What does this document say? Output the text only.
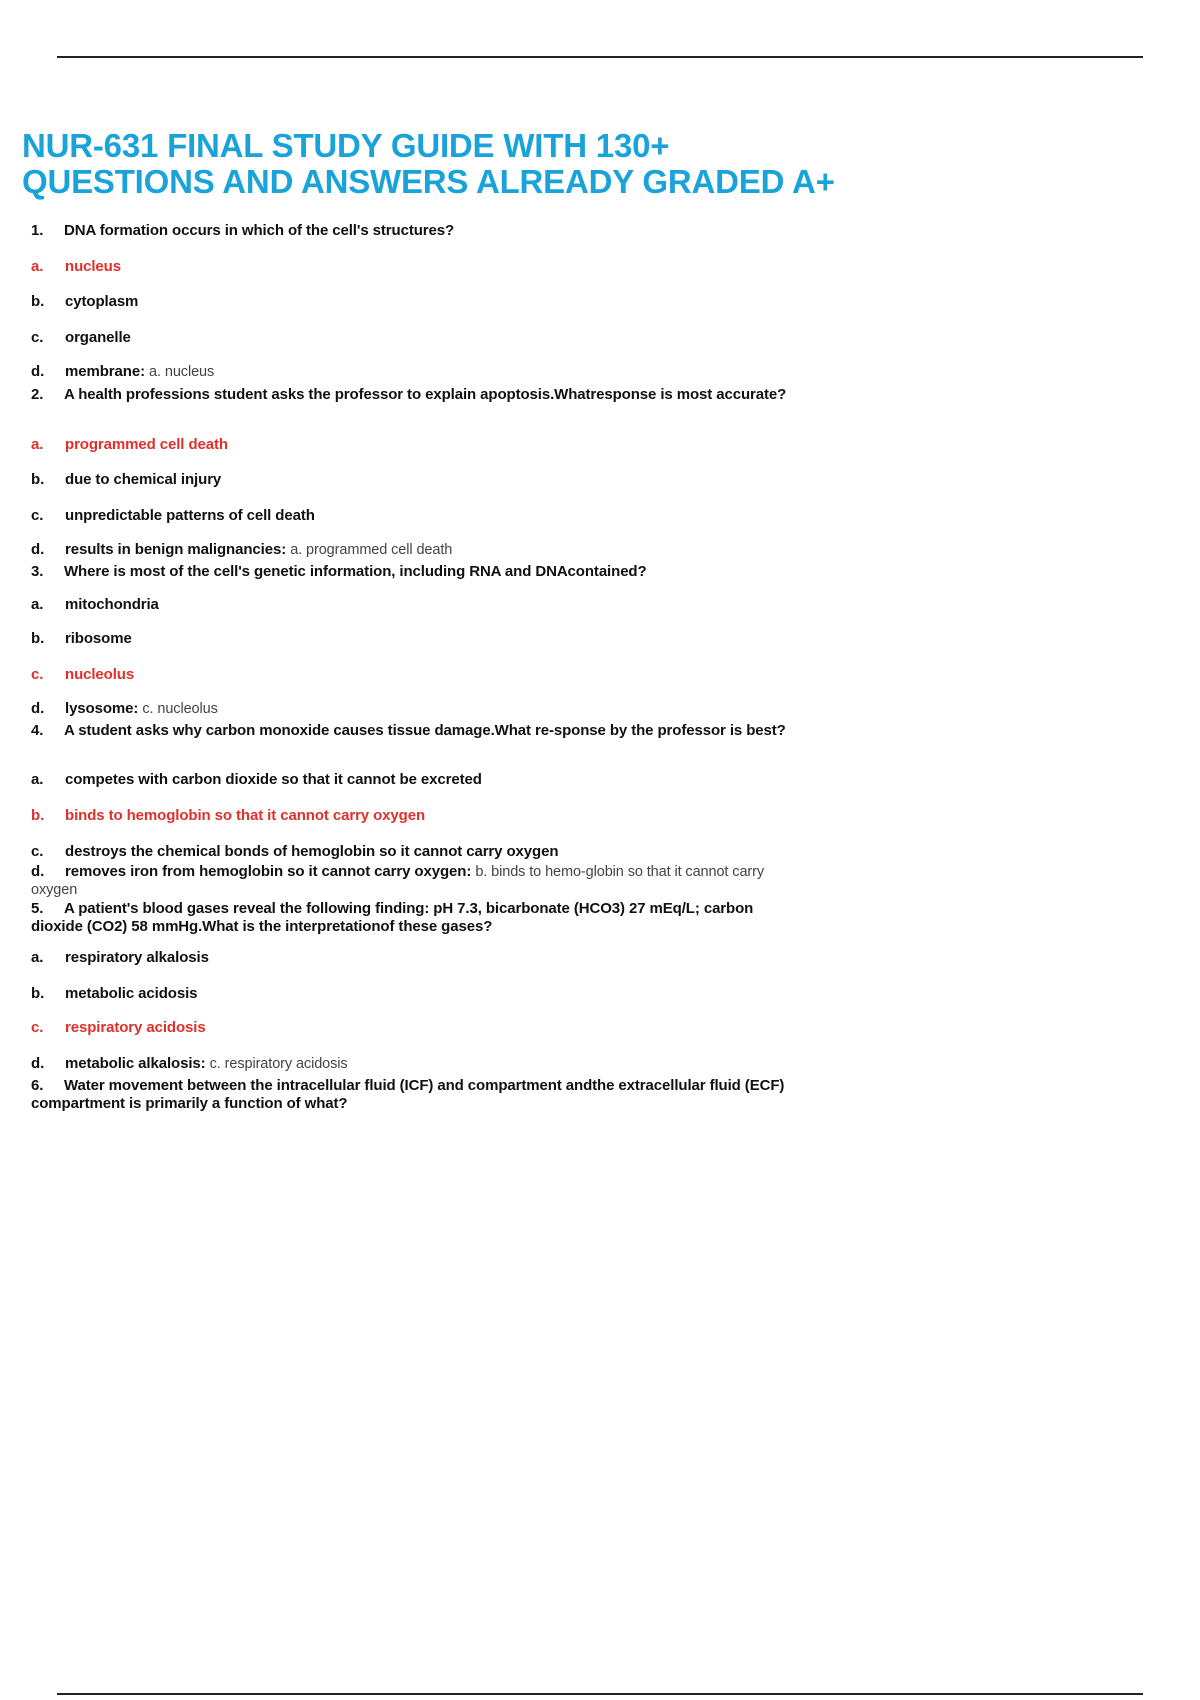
NUR-631 FINAL STUDY GUIDE WITH 130+
QUESTIONS AND ANSWERS ALREADY GRADED A+
1. DNA formation occurs in which of the cell's structures?
a. nucleus
b. cytoplasm
c. organelle
d. membrane: a. nucleus
2. A health professions student asks the professor to explain apoptosis.Whatresponse is most accurate?
a. programmed cell death
b. due to chemical injury
c. unpredictable patterns of cell death
d. results in benign malignancies: a. programmed cell death
3. Where is most of the cell's genetic information, including RNA and DNAcontained?
a. mitochondria
b. ribosome
c. nucleolus
d. lysosome: c. nucleolus
4. A student asks why carbon monoxide causes tissue damage.What re-sponse by the professor is best?
a. competes with carbon dioxide so that it cannot be excreted
b. binds to hemoglobin so that it cannot carry oxygen
c. destroys the chemical bonds of hemoglobin so it cannot carry oxygen
d. removes iron from hemoglobin so it cannot carry oxygen: b. binds to hemo-globin so that it cannot carry oxygen
5. A patient's blood gases reveal the following finding: pH 7.3, bicarbonate (HCO3) 27 mEq/L; carbon dioxide (CO2) 58 mmHg.What is the interpretationof these gases?
a. respiratory alkalosis
b. metabolic acidosis
c. respiratory acidosis
d. metabolic alkalosis: c. respiratory acidosis
6. Water movement between the intracellular fluid (ICF) and compartment andthe extracellular fluid (ECF) compartment is primarily a function of what?
